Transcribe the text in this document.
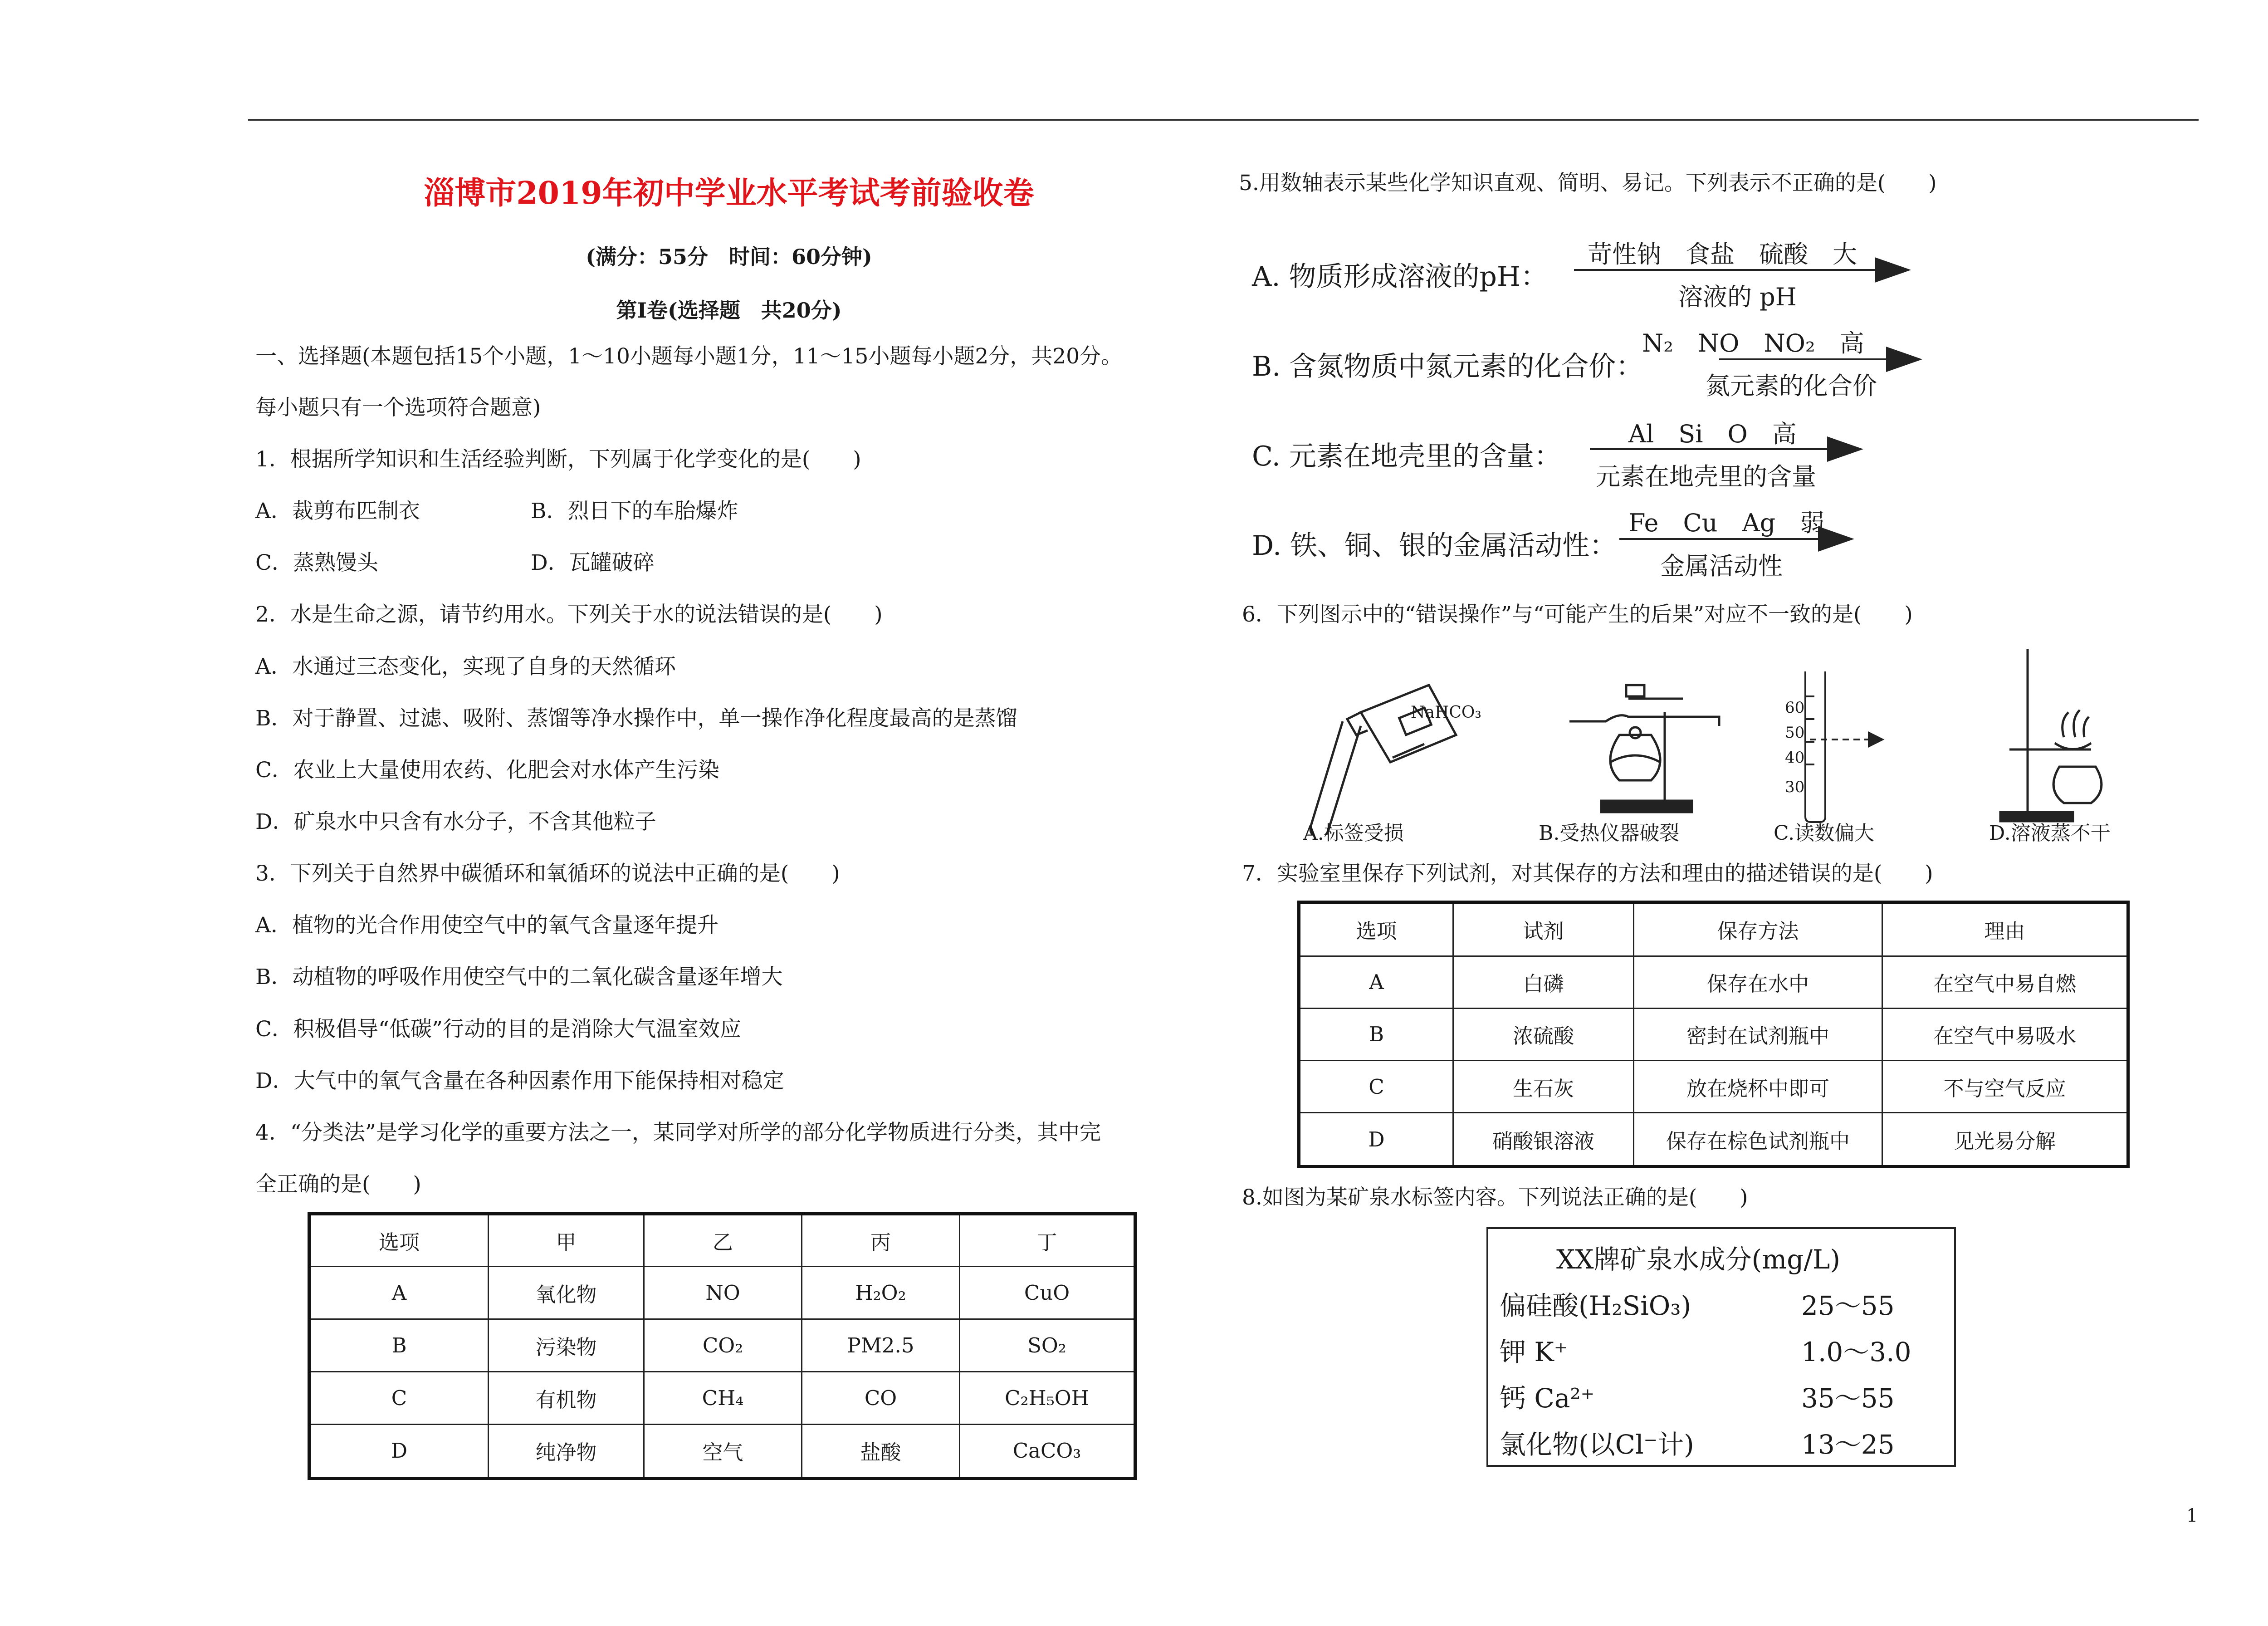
淄博市2019年初中学业水平考试考前验收卷
(满分：55分　时间：60分钟)
第Ⅰ卷(选择题　共20分)
一、选择题(本题包括15个小题，1～10小题每小题1分，11～15小题每小题2分，共20分。
每小题只有一个选项符合题意)
1．根据所学知识和生活经验判断，下列属于化学变化的是(　　)
A．裁剪布匹制衣	B．烈日下的车胎爆炸
C．蒸熟馒头	D．瓦罐破碎
2．水是生命之源，请节约用水。下列关于水的说法错误的是(　　)
A．水通过三态变化，实现了自身的天然循环
B．对于静置、过滤、吸附、蒸馏等净水操作中，单一操作净化程度最高的是蒸馏
C．农业上大量使用农药、化肥会对水体产生污染
D．矿泉水中只含有水分子，不含其他粒子
3．下列关于自然界中碳循环和氧循环的说法中正确的是(　　)
A．植物的光合作用使空气中的氧气含量逐年提升
B．动植物的呼吸作用使空气中的二氧化碳含量逐年增大
C．积极倡导“低碳”行动的目的是消除大气温室效应
D．大气中的氧气含量在各种因素作用下能保持相对稳定
4．“分类法”是学习化学的重要方法之一，某同学对所学的部分化学物质进行分类，其中完
全正确的是(　　)
选项	甲	乙	丙	丁
A	氧化物	NO	H₂O₂	CuO
B	污染物	CO₂	PM2.5	SO₂
C	有机物	CH₄	CO	C₂H₅OH
D	纯净物	空气	盐酸	CaCO₃
5.用数轴表示某些化学知识直观、简明、易记。下列表示不正确的是(　　)
A. 物质形成溶液的pH：
苛性钠　食盐　硫酸　大
溶液的 pH
B. 含氮物质中氮元素的化合价：
N₂　NO　NO₂　高
氮元素的化合价
C. 元素在地壳里的含量：
Al　Si　O　高
元素在地壳里的含量
D. 铁、铜、银的金属活动性：
Fe　Cu　Ag　弱
金属活动性
6．下列图示中的“错误操作”与“可能产生的后果”对应不一致的是(　　)
NaHCO₃	60
50
40
30
A.标签受损	B.受热仪器破裂	C.读数偏大	D.溶液蒸不干
7．实验室里保存下列试剂，对其保存的方法和理由的描述错误的是(　　)
选项	试剂	保存方法	理由
A	白磷	保存在水中	在空气中易自燃
B	浓硫酸	密封在试剂瓶中	在空气中易吸水
C	生石灰	放在烧杯中即可	不与空气反应
D	硝酸银溶液	保存在棕色试剂瓶中	见光易分解
8.如图为某矿泉水标签内容。下列说法正确的是(　　)
XX牌矿泉水成分(mg/L)
偏硅酸(H₂SiO₃)	25～55
钾 K⁺	1.0～3.0
钙 Ca²⁺	35～55
氯化物(以Cl⁻计)	13～25
1
